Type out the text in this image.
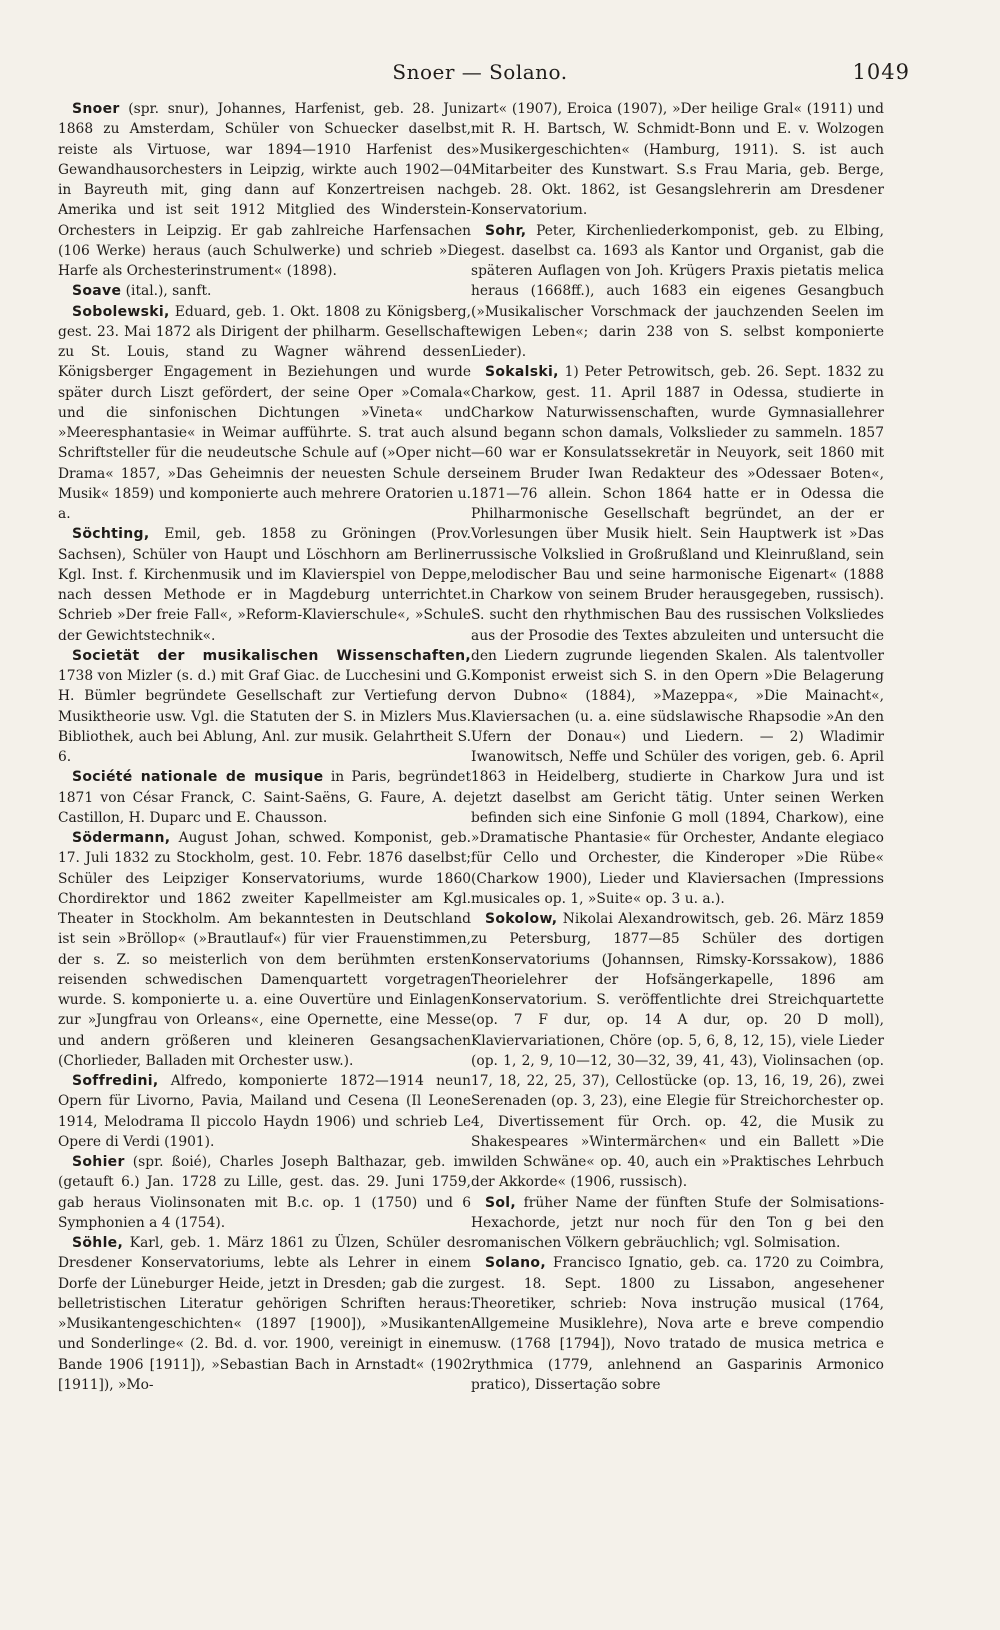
Snoer — Solano.	1049

Snoer (spr. snur), Johannes, Harfenist, geb. 28. Juni 1868 zu Amsterdam, Schüler von Schuecker daselbst, reiste als Virtuose, war 1894—1910 Harfenist des Gewandhausorchesters in Leipzig, wirkte auch 1902—04 in Bayreuth mit, ging dann auf Konzertreisen nach Amerika und ist seit 1912 Mitglied des Winderstein-Orchesters in Leipzig. Er gab zahlreiche Harfensachen (106 Werke) heraus (auch Schulwerke) und schrieb »Die Harfe als Orchesterinstrument« (1898).

Soave (ital.), sanft.

Sobolewski, Eduard, geb. 1. Okt. 1808 zu Königsberg, gest. 23. Mai 1872 als Dirigent der philharm. Gesellschaft zu St. Louis, stand zu Wagner während dessen Königsberger Engagement in Beziehungen und wurde später durch Liszt gefördert, der seine Oper »Comala« und die sinfonischen Dichtungen »Vineta« und »Meeresphantasie« in Weimar aufführte. S. trat auch als Schriftsteller für die neudeutsche Schule auf (»Oper nicht Drama« 1857, »Das Geheimnis der neuesten Schule der Musik« 1859) und komponierte auch mehrere Oratorien u. a.

Söchting, Emil, geb. 1858 zu Gröningen (Prov. Sachsen), Schüler von Haupt und Löschhorn am Berliner Kgl. Inst. f. Kirchenmusik und im Klavierspiel von Deppe, nach dessen Methode er in Magdeburg unterrichtet. Schrieb »Der freie Fall«, »Reform-Klavierschule«, »Schule der Gewichtstechnik«.

Societät der musikalischen Wissenschaften, 1738 von Mizler (s. d.) mit Graf Giac. de Lucchesini und G. H. Bümler begründete Gesellschaft zur Vertiefung der Musiktheorie usw. Vgl. die Statuten der S. in Mizlers Mus. Bibliothek, auch bei Ablung, Anl. zur musik. Gelahrtheit S. 6.

Société nationale de musique in Paris, begründet 1871 von César Franck, C. Saint-Saëns, G. Faure, A. de Castillon, H. Duparc und E. Chausson.

Södermann, August Johan, schwed. Komponist, geb. 17. Juli 1832 zu Stockholm, gest. 10. Febr. 1876 daselbst; Schüler des Leipziger Konservatoriums, wurde 1860 Chordirektor und 1862 zweiter Kapellmeister am Kgl. Theater in Stockholm. Am bekanntesten in Deutschland ist sein »Bröllop« (»Brautlauf«) für vier Frauenstimmen, der s. Z. so meisterlich von dem berühmten ersten reisenden schwedischen Damenquartett vorgetragen wurde. S. komponierte u. a. eine Ouvertüre und Einlagen zur »Jungfrau von Orleans«, eine Opernette, eine Messe und andern größeren und kleineren Gesangsachen (Chorlieder, Balladen mit Orchester usw.).

Soffredini, Alfredo, komponierte 1872—1914 neun Opern für Livorno, Pavia, Mailand und Cesena (Il Leone 1914, Melodrama Il piccolo Haydn 1906) und schrieb Le Opere di Verdi (1901).

Sohier (spr. ßoié), Charles Joseph Balthazar, geb. im (getauft 6.) Jan. 1728 zu Lille, gest. das. 29. Juni 1759, gab heraus Violinsonaten mit B.c. op. 1 (1750) und 6 Symphonien a 4 (1754).

Söhle, Karl, geb. 1. März 1861 zu Ülzen, Schüler des Dresdener Konservatoriums, lebte als Lehrer in einem Dorfe der Lüneburger Heide, jetzt in Dresden; gab die zur belletristischen Literatur gehörigen Schriften heraus: »Musikantengeschichten« (1897 [1900]), »Musikanten und Sonderlinge« (2. Bd. d. vor. 1900, vereinigt in einem Bande 1906 [1911]), »Sebastian Bach in Arnstadt« (1902 [1911]), »Mo-

zart« (1907), Eroica (1907), »Der heilige Gral« (1911) und mit R. H. Bartsch, W. Schmidt-Bonn und E. v. Wolzogen »Musikergeschichten« (Hamburg, 1911). S. ist auch Mitarbeiter des Kunstwart. S.s Frau Maria, geb. Berge, geb. 28. Okt. 1862, ist Gesangslehrerin am Dresdener Konservatorium.

Sohr, Peter, Kirchenliederkomponist, geb. zu Elbing, gest. daselbst ca. 1693 als Kantor und Organist, gab die späteren Auflagen von Joh. Krügers Praxis pietatis melica heraus (1668ff.), auch 1683 ein eigenes Gesangbuch (»Musikalischer Vorschmack der jauchzenden Seelen im ewigen Leben«; darin 238 von S. selbst komponierte Lieder).

Sokalski, 1) Peter Petrowitsch, geb. 26. Sept. 1832 zu Charkow, gest. 11. April 1887 in Odessa, studierte in Charkow Naturwissenschaften, wurde Gymnasiallehrer und begann schon damals, Volkslieder zu sammeln. 1857—60 war er Konsulatssekretär in Neuyork, seit 1860 mit seinem Bruder Iwan Redakteur des »Odessaer Boten«, 1871—76 allein. Schon 1864 hatte er in Odessa die Philharmonische Gesellschaft begründet, an der er Vorlesungen über Musik hielt. Sein Hauptwerk ist »Das russische Volkslied in Großrußland und Kleinrußland, sein melodischer Bau und seine harmonische Eigenart« (1888 in Charkow von seinem Bruder herausgegeben, russisch). S. sucht den rhythmischen Bau des russischen Volksliedes aus der Prosodie des Textes abzuleiten und untersucht die den Liedern zugrunde liegenden Skalen. Als talentvoller Komponist erweist sich S. in den Opern »Die Belagerung von Dubno« (1884), »Mazeppa«, »Die Mainacht«, Klaviersachen (u. a. eine südslawische Rhapsodie »An den Ufern der Donau«) und Liedern. — 2) Wladimir Iwanowitsch, Neffe und Schüler des vorigen, geb. 6. April 1863 in Heidelberg, studierte in Charkow Jura und ist jetzt daselbst am Gericht tätig. Unter seinen Werken befinden sich eine Sinfonie G moll (1894, Charkow), eine »Dramatische Phantasie« für Orchester, Andante elegiaco für Cello und Orchester, die Kinderoper »Die Rübe« (Charkow 1900), Lieder und Klaviersachen (Impressions musicales op. 1, »Suite« op. 3 u. a.).

Sokolow, Nikolai Alexandrowitsch, geb. 26. März 1859 zu Petersburg, 1877—85 Schüler des dortigen Konservatoriums (Johannsen, Rimsky-Korssakow), 1886 Theorielehrer der Hofsängerkapelle, 1896 am Konservatorium. S. veröffentlichte drei Streichquartette (op. 7 F dur, op. 14 A dur, op. 20 D moll), Klaviervariationen, Chöre (op. 5, 6, 8, 12, 15), viele Lieder (op. 1, 2, 9, 10—12, 30—32, 39, 41, 43), Violinsachen (op. 17, 18, 22, 25, 37), Cellostücke (op. 13, 16, 19, 26), zwei Serenaden (op. 3, 23), eine Elegie für Streichorchester op. 4, Divertissement für Orch. op. 42, die Musik zu Shakespeares »Wintermärchen« und ein Ballett »Die wilden Schwäne« op. 40, auch ein »Praktisches Lehrbuch der Akkorde« (1906, russisch).

Sol, früher Name der fünften Stufe der Solmisations-Hexachorde, jetzt nur noch für den Ton g bei den romanischen Völkern gebräuchlich; vgl. Solmisation.

Solano, Francisco Ignatio, geb. ca. 1720 zu Coimbra, gest. 18. Sept. 1800 zu Lissabon, angesehener Theoretiker, schrieb: Nova instrução musical (1764, Allgemeine Musiklehre), Nova arte e breve compendio usw. (1768 [1794]), Novo tratado de musica metrica e rythmica (1779, anlehnend an Gasparinis Armonico pratico), Dissertação sobre
